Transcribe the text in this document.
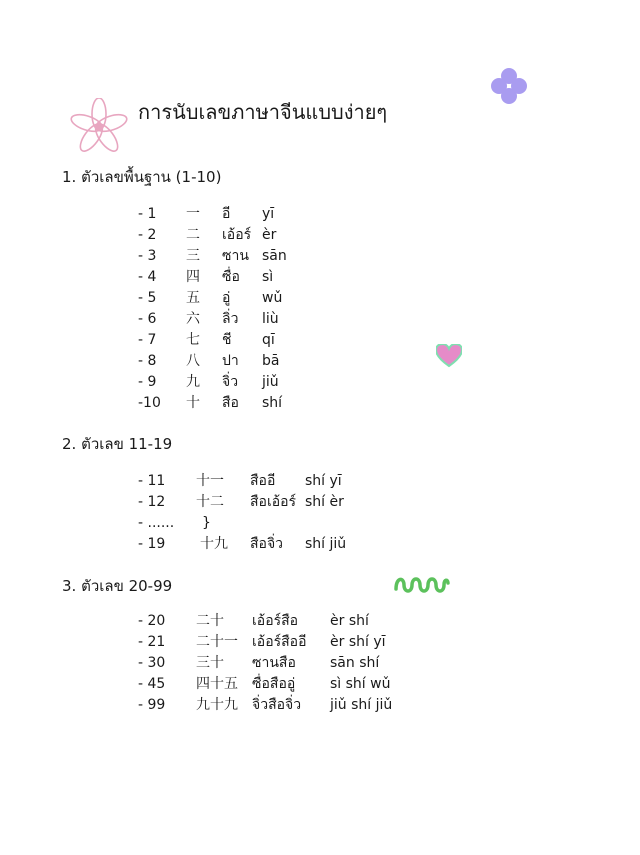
การนับเลขภาษาจีนแบบง่ายๆ
1. ตัวเลขพื้นฐาน (1-10)
- 1 一 อี yī
- 2 二 เอ้อร์ èr
- 3 三 ซาน sān
- 4 四 ซื่อ sì
- 5 五 อู่ wǔ
- 6 六 ลิ่ว liù
- 7 七 ชี qī
- 8 八 ปา bā
- 9 九 จิ่ว jiǔ
-10 十 สือ shí
2. ตัวเลข 11-19
- 11 十一 สืออี shí yī
- 12 十二 สือเอ้อร์ shí èr
- ...... }
- 19 十九 สือจิ่ว shí jiǔ
3. ตัวเลข 20-99
- 20 二十 เอ้อร์สือ èr shí
- 21 二十一 เอ้อร์สืออี èr shí yī
- 30 三十 ซานสือ sān shí
- 45 四十五 ซื่อสืออู่ sì shí wǔ
- 99 九十九 จิ่วสือจิ่ว jiǔ shí jiǔ
